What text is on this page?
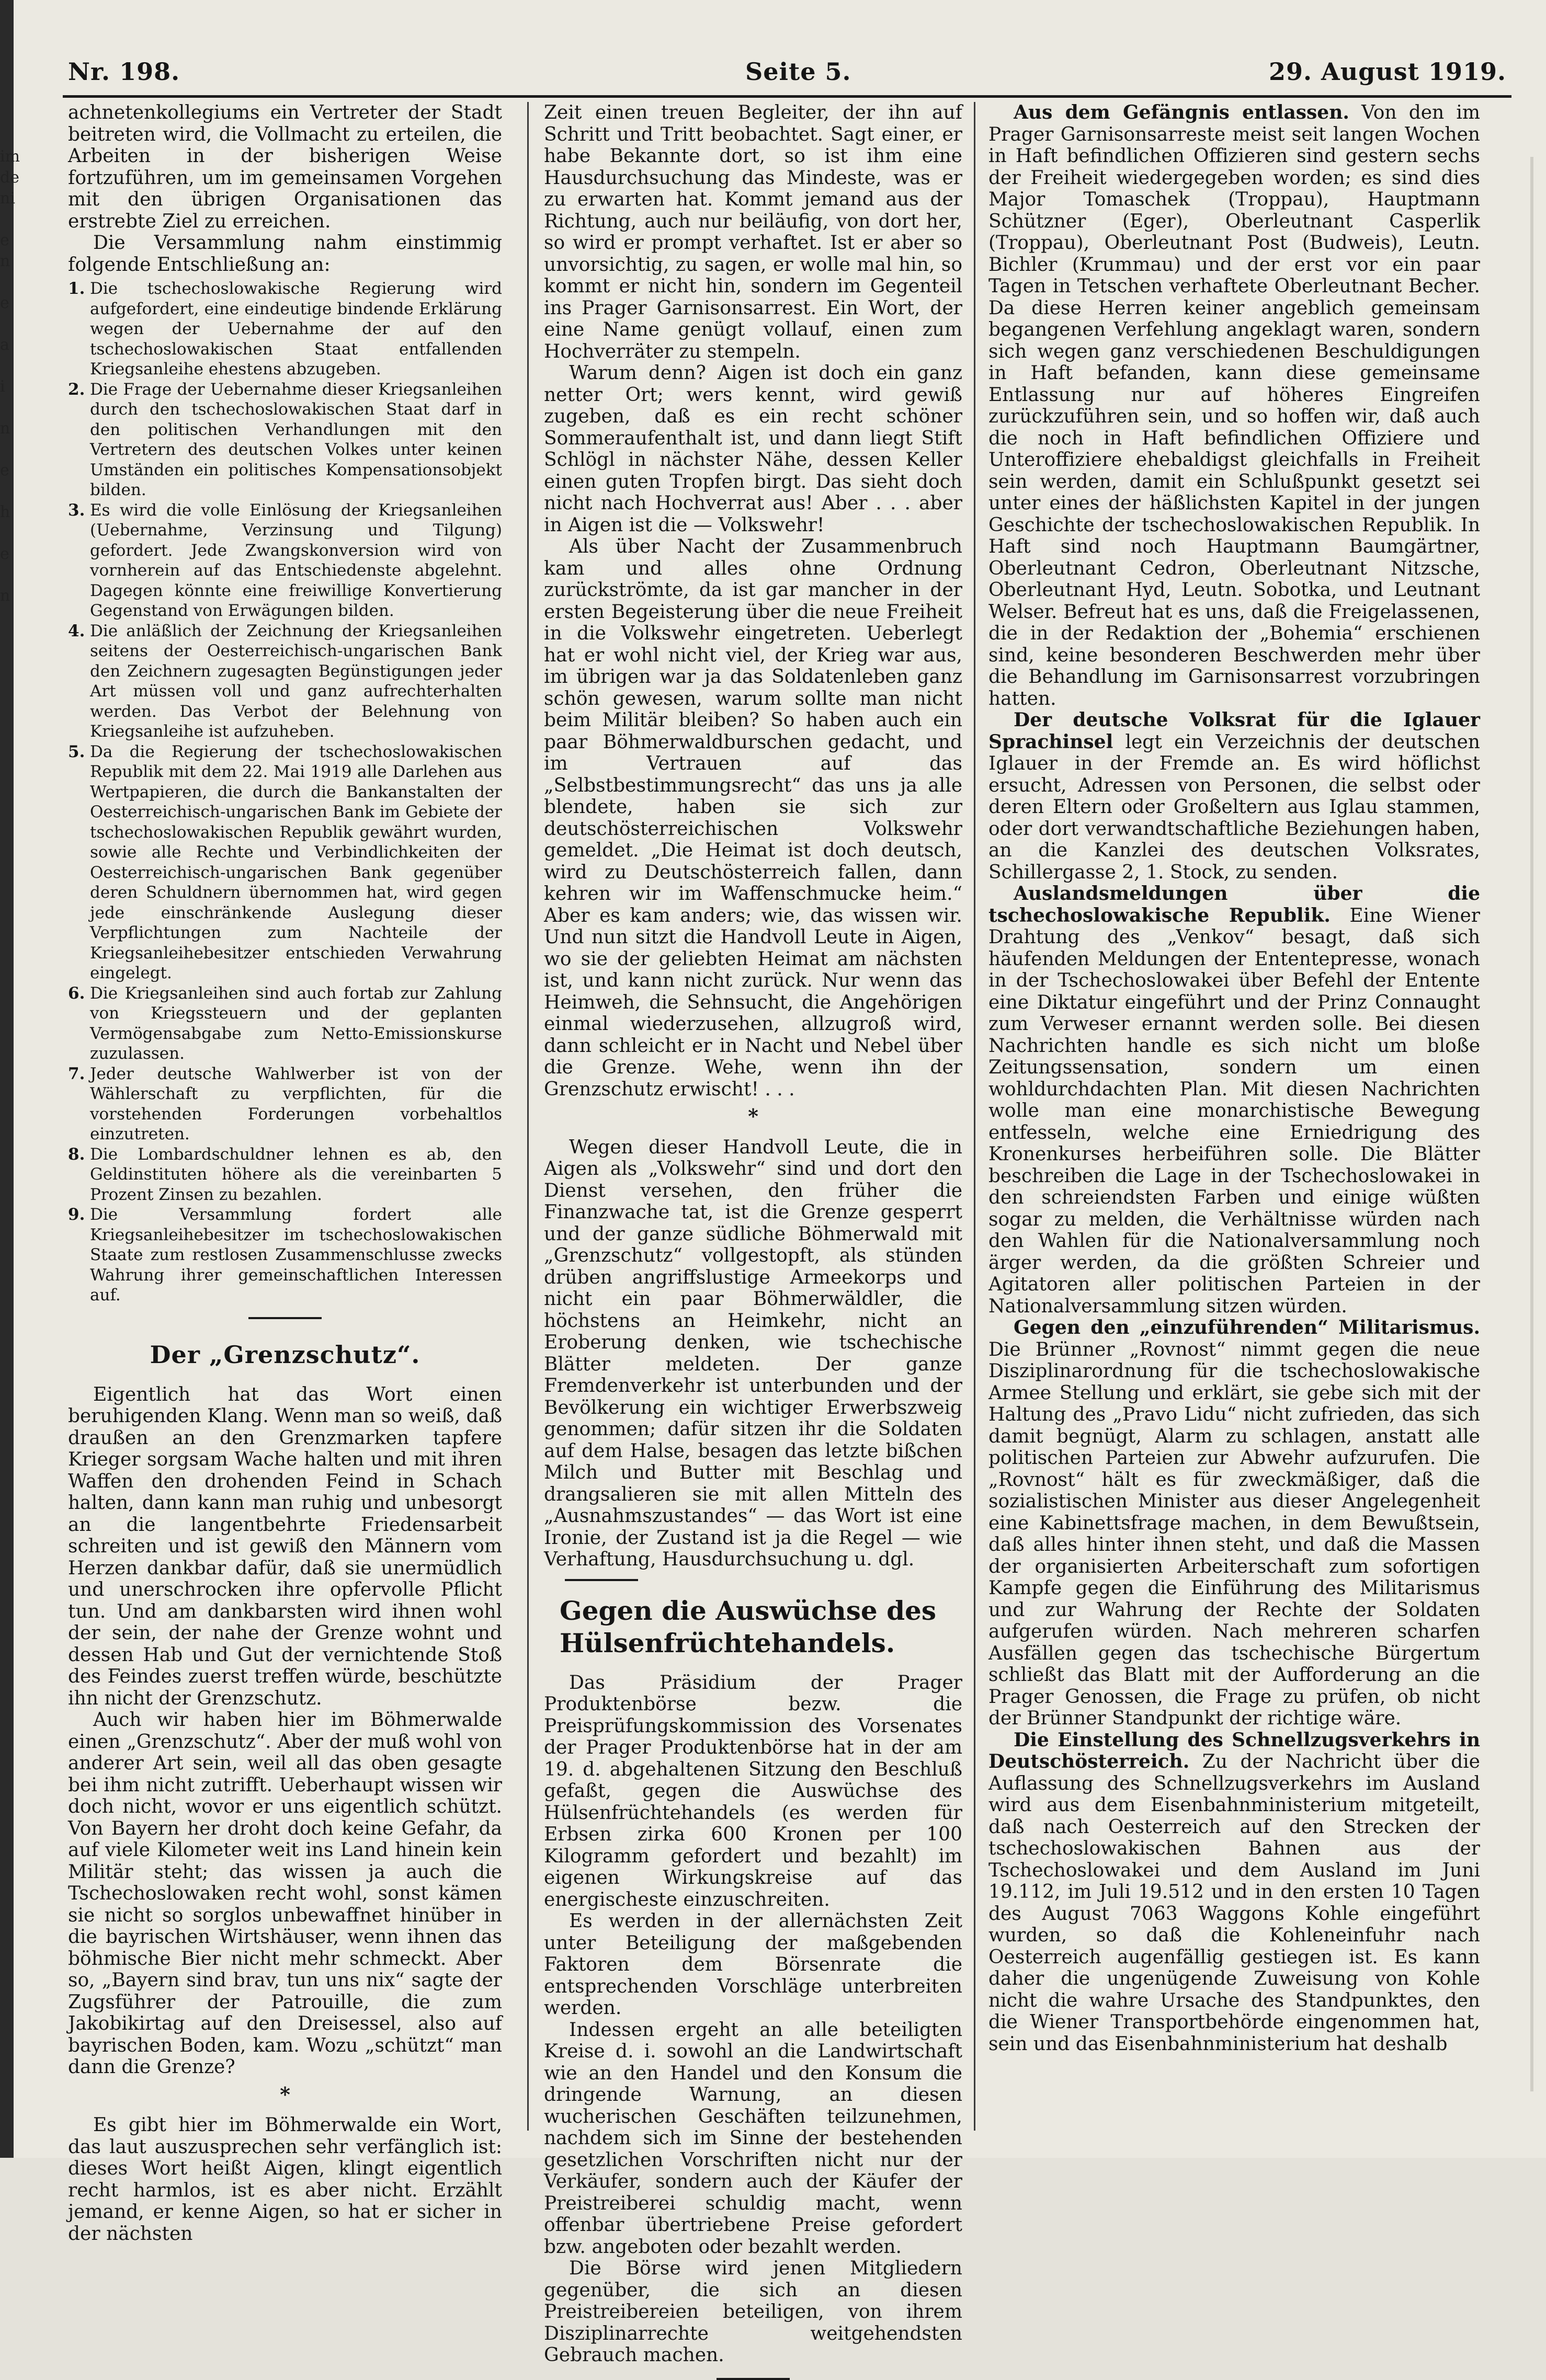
im
de
ni

e
n

e

a

i

n

e

h

e

n
Nr. 198.	Seite 5.	29. August 1919.

achnetenkollegiums ein Vertreter der Stadt beitreten wird, die Vollmacht zu erteilen, die Arbeiten in der bisherigen Weise fortzuführen, um im gemeinsamen Vorgehen mit den übrigen Organisationen das erstrebte Ziel zu erreichen.

Die Versammlung nahm einstimmig folgende Entschließung an:

1. Die tschechoslowakische Regierung wird aufgefordert, eine eindeutige bindende Erklärung wegen der Uebernahme der auf den tschechoslowakischen Staat entfallenden Kriegsanleihe ehestens abzugeben.
2. Die Frage der Uebernahme dieser Kriegsanleihen durch den tschechoslowakischen Staat darf in den politischen Verhandlungen mit den Vertretern des deutschen Volkes unter keinen Umständen ein politisches Kompensationsobjekt bilden.
3. Es wird die volle Einlösung der Kriegsanleihen (Uebernahme, Verzinsung und Tilgung) gefordert. Jede Zwangskonversion wird von vornherein auf das Entschiedenste abgelehnt. Dagegen könnte eine freiwillige Konvertierung Gegenstand von Erwägungen bilden.
4. Die anläßlich der Zeichnung der Kriegsanleihen seitens der Oesterreichisch-ungarischen Bank den Zeichnern zugesagten Begünstigungen jeder Art müssen voll und ganz aufrechterhalten werden. Das Verbot der Belehnung von Kriegsanleihe ist aufzuheben.
5. Da die Regierung der tschechoslowakischen Republik mit dem 22. Mai 1919 alle Darlehen aus Wertpapieren, die durch die Bankanstalten der Oesterreichisch-ungarischen Bank im Gebiete der tschechoslowakischen Republik gewährt wurden, sowie alle Rechte und Verbindlichkeiten der Oesterreichisch-ungarischen Bank gegenüber deren Schuldnern übernommen hat, wird gegen jede einschränkende Auslegung dieser Verpflichtungen zum Nachteile der Kriegsanleihebesitzer entschieden Verwahrung eingelegt.
6. Die Kriegsanleihen sind auch fortab zur Zahlung von Kriegssteuern und der geplanten Vermögensabgabe zum Netto-Emissionskurse zuzulassen.
7. Jeder deutsche Wahlwerber ist von der Wählerschaft zu verpflichten, für die vorstehenden Forderungen vorbehaltlos einzutreten.
8. Die Lombardschuldner lehnen es ab, den Geldinstituten höhere als die vereinbarten 5 Prozent Zinsen zu bezahlen.
9. Die Versammlung fordert alle Kriegsanleihebesitzer im tschechoslowakischen Staate zum restlosen Zusammenschlusse zwecks Wahrung ihrer gemeinschaftlichen Interessen auf.
Der „Grenzschutz“.

Eigentlich hat das Wort einen beruhigenden Klang. Wenn man so weiß, daß draußen an den Grenzmarken tapfere Krieger sorgsam Wache halten und mit ihren Waffen den drohenden Feind in Schach halten, dann kann man ruhig und unbesorgt an die langentbehrte Friedensarbeit schreiten und ist gewiß den Männern vom Herzen dankbar dafür, daß sie unermüdlich und unerschrocken ihre opfervolle Pflicht tun. Und am dankbarsten wird ihnen wohl der sein, der nahe der Grenze wohnt und dessen Hab und Gut der vernichtende Stoß des Feindes zuerst treffen würde, beschützte ihn nicht der Grenzschutz.

Auch wir haben hier im Böhmerwalde einen „Grenzschutz“. Aber der muß wohl von anderer Art sein, weil all das oben gesagte bei ihm nicht zutrifft. Ueberhaupt wissen wir doch nicht, wovor er uns eigentlich schützt. Von Bayern her droht doch keine Gefahr, da auf viele Kilometer weit ins Land hinein kein Militär steht; das wissen ja auch die Tschechoslowaken recht wohl, sonst kämen sie nicht so sorglos unbewaffnet hinüber in die bayrischen Wirtshäuser, wenn ihnen das böhmische Bier nicht mehr schmeckt. Aber so, „Bayern sind brav, tun uns nix“ sagte der Zugsführer der Patrouille, die zum Jakobikirtag auf den Dreisessel, also auf bayrischen Boden, kam. Wozu „schützt“ man dann die Grenze?

*

Es gibt hier im Böhmerwalde ein Wort, das laut auszusprechen sehr verfänglich ist: dieses Wort heißt Aigen, klingt eigentlich recht harmlos, ist es aber nicht. Erzählt jemand, er kenne Aigen, so hat er sicher in der nächsten

Zeit einen treuen Begleiter, der ihn auf Schritt und Tritt beobachtet. Sagt einer, er habe Bekannte dort, so ist ihm eine Hausdurchsuchung das Mindeste, was er zu erwarten hat. Kommt jemand aus der Richtung, auch nur beiläufig, von dort her, so wird er prompt verhaftet. Ist er aber so unvorsichtig, zu sagen, er wolle mal hin, so kommt er nicht hin, sondern im Gegenteil ins Prager Garnisonsarrest. Ein Wort, der eine Name genügt vollauf, einen zum Hochverräter zu stempeln.

Warum denn? Aigen ist doch ein ganz netter Ort; wers kennt, wird gewiß zugeben, daß es ein recht schöner Sommeraufenthalt ist, und dann liegt Stift Schlögl in nächster Nähe, dessen Keller einen guten Tropfen birgt. Das sieht doch nicht nach Hochverrat aus! Aber . . . aber in Aigen ist die — Volkswehr!

Als über Nacht der Zusammenbruch kam und alles ohne Ordnung zurückströmte, da ist gar mancher in der ersten Begeisterung über die neue Freiheit in die Volkswehr eingetreten. Ueberlegt hat er wohl nicht viel, der Krieg war aus, im übrigen war ja das Soldatenleben ganz schön gewesen, warum sollte man nicht beim Militär bleiben? So haben auch ein paar Böhmerwaldburschen gedacht, und im Vertrauen auf das „Selbstbestimmungsrecht“ das uns ja alle blendete, haben sie sich zur deutschösterreichischen Volkswehr gemeldet. „Die Heimat ist doch deutsch, wird zu Deutschösterreich fallen, dann kehren wir im Waffenschmucke heim.“ Aber es kam anders; wie, das wissen wir. Und nun sitzt die Handvoll Leute in Aigen, wo sie der geliebten Heimat am nächsten ist, und kann nicht zurück. Nur wenn das Heimweh, die Sehnsucht, die Angehörigen einmal wiederzusehen, allzugroß wird, dann schleicht er in Nacht und Nebel über die Grenze. Wehe, wenn ihn der Grenzschutz erwischt! . . .

*

Wegen dieser Handvoll Leute, die in Aigen als „Volkswehr“ sind und dort den Dienst versehen, den früher die Finanzwache tat, ist die Grenze gesperrt und der ganze südliche Böhmerwald mit „Grenzschutz“ vollgestopft, als stünden drüben angriffslustige Armeekorps und nicht ein paar Böhmerwäldler, die höchstens an Heimkehr, nicht an Eroberung denken, wie tschechische Blätter meldeten. Der ganze Fremdenverkehr ist unterbunden und der Bevölkerung ein wichtiger Erwerbszweig genommen; dafür sitzen ihr die Soldaten auf dem Halse, besagen das letzte bißchen Milch und Butter mit Beschlag und drangsalieren sie mit allen Mitteln des „Ausnahmszustandes“ — das Wort ist eine Ironie, der Zustand ist ja die Regel — wie Verhaftung, Hausdurchsuchung u. dgl.

Gegen die Auswüchse des Hülsenfrüchtehandels.

Das Präsidium der Prager Produktenbörse bezw. die Preisprüfungskommission des Vorsenates der Prager Produktenbörse hat in der am 19. d. abgehaltenen Sitzung den Beschluß gefaßt, gegen die Auswüchse des Hülsenfrüchtehandels (es werden für Erbsen zirka 600 Kronen per 100 Kilogramm gefordert und bezahlt) im eigenen Wirkungskreise auf das energischeste einzuschreiten.

Es werden in der allernächsten Zeit unter Beteiligung der maßgebenden Faktoren dem Börsenrate die entsprechenden Vorschläge unterbreiten werden.

Indessen ergeht an alle beteiligten Kreise d. i. sowohl an die Landwirtschaft wie an den Handel und den Konsum die dringende Warnung, an diesen wucherischen Geschäften teilzunehmen, nachdem sich im Sinne der bestehenden gesetzlichen Vorschriften nicht nur der Verkäufer, sondern auch der Käufer der Preistreiberei schuldig macht, wenn offenbar übertriebene Preise gefordert bzw. angeboten oder bezahlt werden.

Die Börse wird jenen Mitgliedern gegenüber, die sich an diesen Preistreibereien beteiligen, von ihrem Disziplinarrechte weitgehendsten Gebrauch machen.

Aus dem Gefängnis entlassen. Von den im Prager Garnisonsarreste meist seit langen Wochen in Haft befindlichen Offizieren sind gestern sechs der Freiheit wiedergegeben worden; es sind dies Major Tomaschek (Troppau), Hauptmann Schützner (Eger), Oberleutnant Casperlik (Troppau), Oberleutnant Post (Budweis), Leutn. Bichler (Krummau) und der erst vor ein paar Tagen in Tetschen verhaftete Oberleutnant Becher. Da diese Herren keiner angeblich gemeinsam begangenen Verfehlung angeklagt waren, sondern sich wegen ganz verschiedenen Beschuldigungen in Haft befanden, kann diese gemeinsame Entlassung nur auf höheres Eingreifen zurückzuführen sein, und so hoffen wir, daß auch die noch in Haft befindlichen Offiziere und Unteroffiziere ehebaldigst gleichfalls in Freiheit sein werden, damit ein Schlußpunkt gesetzt sei unter eines der häßlichsten Kapitel in der jungen Geschichte der tschechoslowakischen Republik. In Haft sind noch Hauptmann Baumgärtner, Oberleutnant Cedron, Oberleutnant Nitzsche, Oberleutnant Hyd, Leutn. Sobotka, und Leutnant Welser. Befreut hat es uns, daß die Freigelassenen, die in der Redaktion der „Bohemia“ erschienen sind, keine besonderen Beschwerden mehr über die Behandlung im Garnisonsarrest vorzubringen hatten.

Der deutsche Volksrat für die Iglauer Sprachinsel legt ein Verzeichnis der deutschen Iglauer in der Fremde an. Es wird höflichst ersucht, Adressen von Personen, die selbst oder deren Eltern oder Großeltern aus Iglau stammen, oder dort verwandtschaftliche Beziehungen haben, an die Kanzlei des deutschen Volksrates, Schillergasse 2, 1. Stock, zu senden.

Auslandsmeldungen über die tschechoslowakische Republik. Eine Wiener Drahtung des „Venkov“ besagt, daß sich häufenden Meldungen der Ententepresse, wonach in der Tschechoslowakei über Befehl der Entente eine Diktatur eingeführt und der Prinz Connaught zum Verweser ernannt werden solle. Bei diesen Nachrichten handle es sich nicht um bloße Zeitungssensation, sondern um einen wohldurchdachten Plan. Mit diesen Nachrichten wolle man eine monarchistische Bewegung entfesseln, welche eine Erniedrigung des Kronenkurses herbeiführen solle. Die Blätter beschreiben die Lage in der Tschechoslowakei in den schreiendsten Farben und einige wüßten sogar zu melden, die Verhältnisse würden nach den Wahlen für die Nationalversammlung noch ärger werden, da die größten Schreier und Agitatoren aller politischen Parteien in der Nationalversammlung sitzen würden.

Gegen den „einzuführenden“ Militarismus. Die Brünner „Rovnost“ nimmt gegen die neue Disziplinarordnung für die tschechoslowakische Armee Stellung und erklärt, sie gebe sich mit der Haltung des „Pravo Lidu“ nicht zufrieden, das sich damit begnügt, Alarm zu schlagen, anstatt alle politischen Parteien zur Abwehr aufzurufen. Die „Rovnost“ hält es für zweckmäßiger, daß die sozialistischen Minister aus dieser Angelegenheit eine Kabinettsfrage machen, in dem Bewußtsein, daß alles hinter ihnen steht, und daß die Massen der organisierten Arbeiterschaft zum sofortigen Kampfe gegen die Einführung des Militarismus und zur Wahrung der Rechte der Soldaten aufgerufen würden. Nach mehreren scharfen Ausfällen gegen das tschechische Bürgertum schließt das Blatt mit der Aufforderung an die Prager Genossen, die Frage zu prüfen, ob nicht der Brünner Standpunkt der richtige wäre.

Die Einstellung des Schnellzugsverkehrs in Deutschösterreich. Zu der Nachricht über die Auflassung des Schnellzugsverkehrs im Ausland wird aus dem Eisenbahnministerium mitgeteilt, daß nach Oesterreich auf den Strecken der tschechoslowakischen Bahnen aus der Tschechoslowakei und dem Ausland im Juni 19.112, im Juli 19.512 und in den ersten 10 Tagen des August 7063 Waggons Kohle eingeführt wurden, so daß die Kohleneinfuhr nach Oesterreich augenfällig gestiegen ist. Es kann daher die ungenügende Zuweisung von Kohle nicht die wahre Ursache des Standpunktes, den die Wiener Transportbehörde eingenommen hat, sein und das Eisenbahnministerium hat deshalb
